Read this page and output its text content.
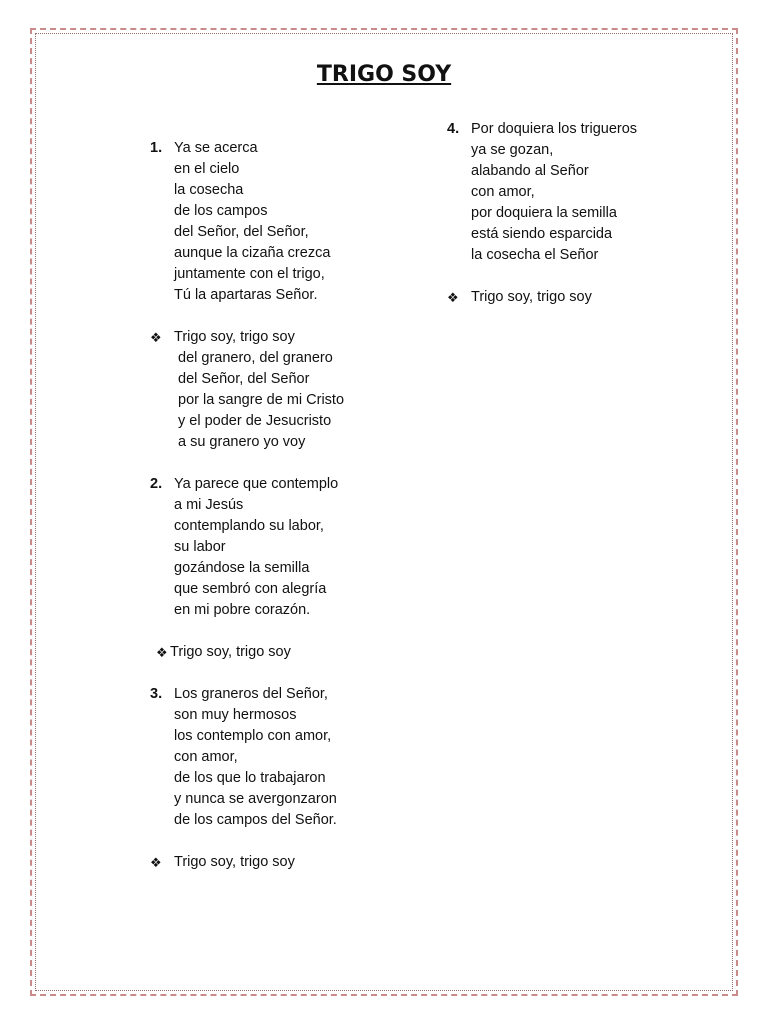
TRIGO SOY
1. Ya se acerca
en el cielo
la cosecha
de los campos
del Señor, del Señor,
aunque la cizaña crezca
juntamente con el trigo,
Tú la apartaras Señor.
❖ Trigo soy, trigo soy
del granero, del granero
del Señor, del Señor
por la sangre de mi Cristo
y el poder de Jesucristo
a su granero yo voy
2. Ya parece que contemplo
a mi Jesús
contemplando su labor,
su labor
gozándose la semilla
que sembró con alegría
en mi pobre corazón.
❖ Trigo soy, trigo soy
3. Los graneros del Señor,
son muy hermosos
los contemplo con amor,
con amor,
de los que lo trabajaron
y nunca se avergonzaron
de los campos del Señor.
❖ Trigo soy, trigo soy
4. Por doquiera los trigueros
ya se gozan,
alabando al Señor
con amor,
por doquiera la semilla
está siendo esparcida
la cosecha el Señor
❖ Trigo soy, trigo soy
